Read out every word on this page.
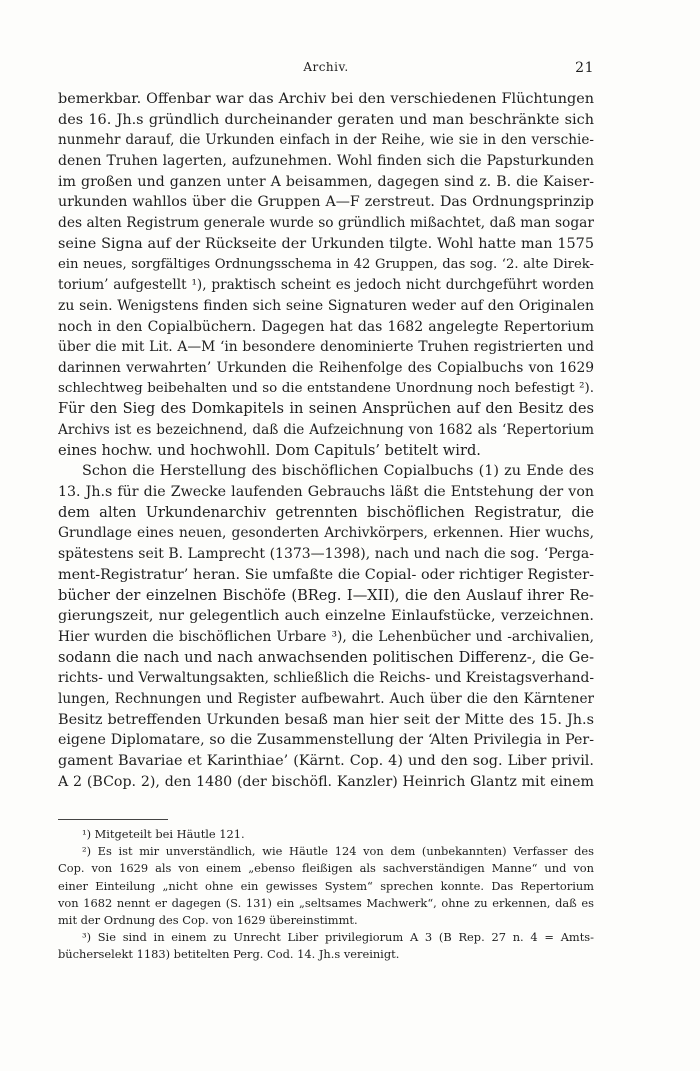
Archiv.	21
bemerkbar. Offenbar war das Archiv bei den verschiedenen Flüchtungen
des 16. Jh.s gründlich durcheinander geraten und man beschränkte sich
nunmehr darauf, die Urkunden einfach in der Reihe, wie sie in den verschie-
denen Truhen lagerten, aufzunehmen. Wohl finden sich die Papsturkunden
im großen und ganzen unter A beisammen, dagegen sind z. B. die Kaiser-
urkunden wahllos über die Gruppen A—F zerstreut. Das Ordnungsprinzip
des alten Registrum generale wurde so gründlich mißachtet, daß man sogar
seine Signa auf der Rückseite der Urkunden tilgte. Wohl hatte man 1575
ein neues, sorgfältiges Ordnungsschema in 42 Gruppen, das sog. ‘2. alte Direk-
torium’ aufgestellt ¹), praktisch scheint es jedoch nicht durchgeführt worden
zu sein. Wenigstens finden sich seine Signaturen weder auf den Originalen
noch in den Copialbüchern. Dagegen hat das 1682 angelegte Repertorium
über die mit Lit. A—M ‘in besondere denominierte Truhen registrierten und
darinnen verwahrten’ Urkunden die Reihenfolge des Copialbuchs von 1629
schlechtweg beibehalten und so die entstandene Unordnung noch befestigt ²).
Für den Sieg des Domkapitels in seinen Ansprüchen auf den Besitz des
Archivs ist es bezeichnend, daß die Aufzeichnung von 1682 als ‘Repertorium
eines hochw. und hochwohll. Dom Capituls’ betitelt wird.
Schon die Herstellung des bischöflichen Copialbuchs (1) zu Ende des
13. Jh.s für die Zwecke laufenden Gebrauchs läßt die Entstehung der von
dem alten Urkundenarchiv getrennten bischöflichen Registratur, die
Grundlage eines neuen, gesonderten Archivkörpers, erkennen. Hier wuchs,
spätestens seit B. Lamprecht (1373—1398), nach und nach die sog. ‘Perga-
ment-Registratur’ heran. Sie umfaßte die Copial- oder richtiger Register-
bücher der einzelnen Bischöfe (BReg. I—XII), die den Auslauf ihrer Re-
gierungszeit, nur gelegentlich auch einzelne Einlaufstücke, verzeichnen.
Hier wurden die bischöflichen Urbare ³), die Lehenbücher und -archivalien,
sodann die nach und nach anwachsenden politischen Differenz-, die Ge-
richts- und Verwaltungsakten, schließlich die Reichs- und Kreistagsverhand-
lungen, Rechnungen und Register aufbewahrt. Auch über die den Kärntener
Besitz betreffenden Urkunden besaß man hier seit der Mitte des 15. Jh.s
eigene Diplomatare, so die Zusammenstellung der ‘Alten Privilegia in Per-
gament Bavariae et Karinthiae’ (Kärnt. Cop. 4) und den sog. Liber privil.
A 2 (BCop. 2), den 1480 (der bischöfl. Kanzler) Heinrich Glantz mit einem
¹) Mitgeteilt bei Häutle 121.
²) Es ist mir unverständlich, wie Häutle 124 von dem (unbekannten) Verfasser des
Cop. von 1629 als von einem „ebenso fleißigen als sachverständigen Manne“ und von
einer Einteilung „nicht ohne ein gewisses System“ sprechen konnte. Das Repertorium
von 1682 nennt er dagegen (S. 131) ein „seltsames Machwerk“, ohne zu erkennen, daß es
mit der Ordnung des Cop. von 1629 übereinstimmt.
³) Sie sind in einem zu Unrecht Liber privilegiorum A 3 (B Rep. 27 n. 4 = Amts-
bücherselekt 1183) betitelten Perg. Cod. 14. Jh.s vereinigt.
